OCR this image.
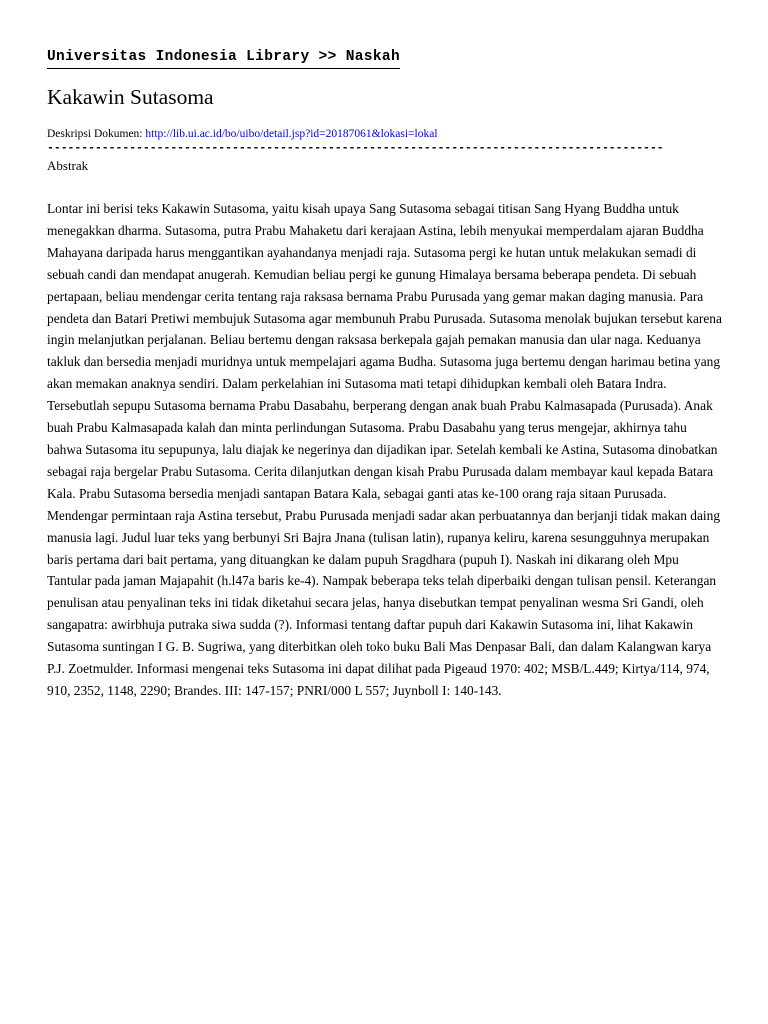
Universitas Indonesia Library >> Naskah
Kakawin Sutasoma
Deskripsi Dokumen: http://lib.ui.ac.id/bo/uibo/detail.jsp?id=20187061&lokasi=lokal
------------------------------------------------------------------------------------------
Abstrak

Lontar ini berisi teks Kakawin Sutasoma, yaitu kisah upaya Sang Sutasoma sebagai titisan Sang Hyang Buddha untuk menegakkan dharma. Sutasoma, putra Prabu Mahaketu dari kerajaan Astina, lebih menyukai memperdalam ajaran Buddha Mahayana daripada harus menggantikan ayahandanya menjadi raja. Sutasoma pergi ke hutan untuk melakukan semadi di sebuah candi dan mendapat anugerah. Kemudian beliau pergi ke gunung Himalaya bersama beberapa pendeta. Di sebuah pertapaan, beliau mendengar cerita tentang raja raksasa bernama Prabu Purusada yang gemar makan daging manusia. Para pendeta dan Batari Pretiwi membujuk Sutasoma agar membunuh Prabu Purusada. Sutasoma menolak bujukan tersebut karena ingin melanjutkan perjalanan. Beliau bertemu dengan raksasa berkepala gajah pemakan manusia dan ular naga. Keduanya takluk dan bersedia menjadi muridnya untuk mempelajari agama Budha. Sutasoma juga bertemu dengan harimau betina yang akan memakan anaknya sendiri. Dalam perkelahian ini Sutasoma mati tetapi dihidupkan kembali oleh Batara Indra. Tersebutlah sepupu Sutasoma bernama Prabu Dasabahu, berperang dengan anak buah Prabu Kalmasapada (Purusada). Anak buah Prabu Kalmasapada kalah dan minta perlindungan Sutasoma. Prabu Dasabahu yang terus mengejar, akhirnya tahu bahwa Sutasoma itu sepupunya, lalu diajak ke negerinya dan dijadikan ipar. Setelah kembali ke Astina, Sutasoma dinobatkan sebagai raja bergelar Prabu Sutasoma. Cerita dilanjutkan dengan kisah Prabu Purusada dalam membayar kaul kepada Batara Kala. Prabu Sutasoma bersedia menjadi santapan Batara Kala, sebagai ganti atas ke-100 orang raja sitaan Purusada. Mendengar permintaan raja Astina tersebut, Prabu Purusada menjadi sadar akan perbuatannya dan berjanji tidak makan daing manusia lagi. Judul luar teks yang berbunyi Sri Bajra Jnana (tulisan latin), rupanya keliru, karena sesungguhnya merupakan baris pertama dari bait pertama, yang dituangkan ke dalam pupuh Sragdhara (pupuh I). Naskah ini dikarang oleh Mpu Tantular pada jaman Majapahit (h.l47a baris ke-4). Nampak beberapa teks telah diperbaiki dengan tulisan pensil. Keterangan penulisan atau penyalinan teks ini tidak diketahui secara jelas, hanya disebutkan tempat penyalinan wesma Sri Gandi, oleh sangapatra: awirbhuja putraka siwa sudda (?). Informasi tentang daftar pupuh dari Kakawin Sutasoma ini, lihat Kakawin Sutasoma suntingan I G. B. Sugriwa, yang diterbitkan oleh toko buku Bali Mas Denpasar Bali, dan dalam Kalangwan karya P.J. Zoetmulder. Informasi mengenai teks Sutasoma ini dapat dilihat pada Pigeaud 1970: 402; MSB/L.449; Kirtya/114, 974, 910, 2352, 1148, 2290; Brandes. III: 147-157; PNRI/000 L 557; Juynboll I: 140-143.
